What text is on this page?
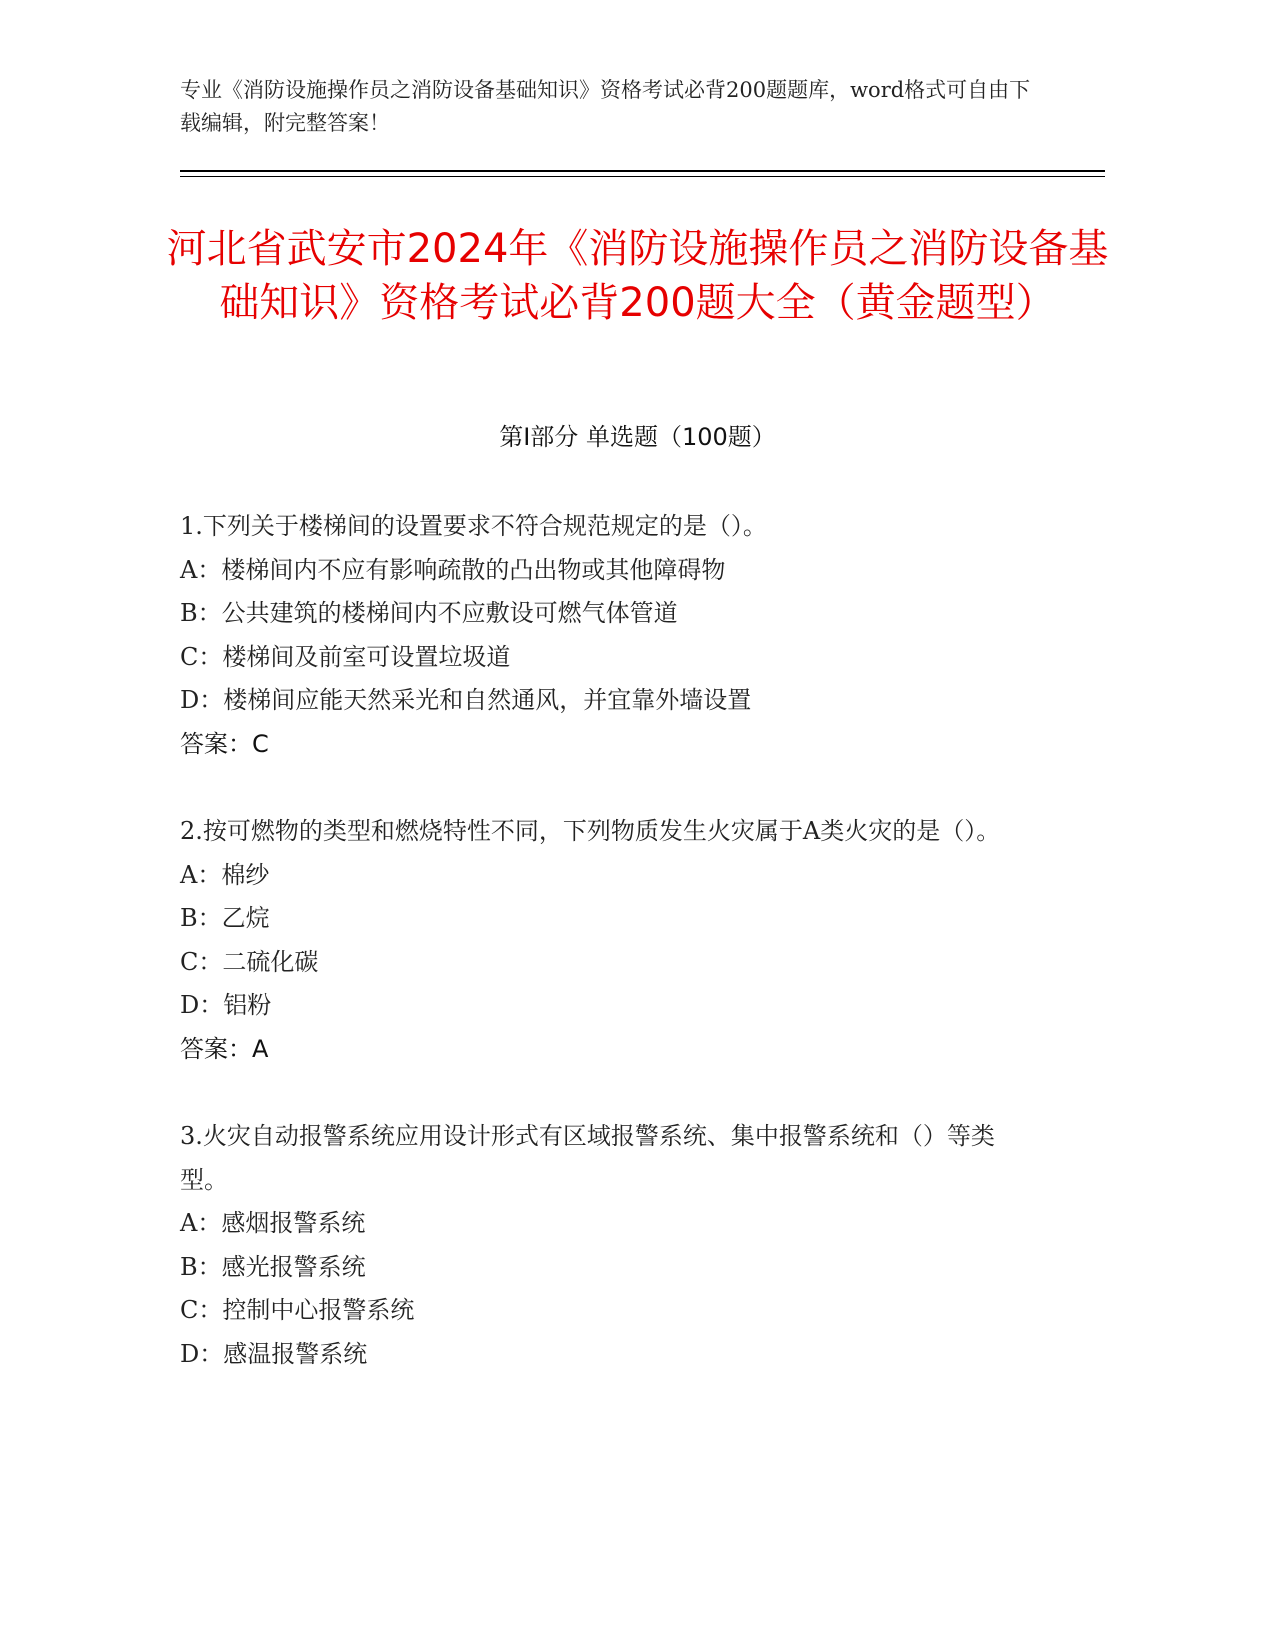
专业《消防设施操作员之消防设备基础知识》资格考试必背200题题库，word格式可自由下载编辑，附完整答案！
河北省武安市2024年《消防设施操作员之消防设备基础知识》资格考试必背200题大全（黄金题型）
第I部分 单选题（100题）
1.下列关于楼梯间的设置要求不符合规范规定的是（）。
A：楼梯间内不应有影响疏散的凸出物或其他障碍物
B：公共建筑的楼梯间内不应敷设可燃气体管道
C：楼梯间及前室可设置垃圾道
D：楼梯间应能天然采光和自然通风，并宜靠外墙设置
答案：C
2.按可燃物的类型和燃烧特性不同，下列物质发生火灾属于A类火灾的是（）。
A：棉纱
B：乙烷
C：二硫化碳
D：铝粉
答案：A
3.火灾自动报警系统应用设计形式有区域报警系统、集中报警系统和（）等类型。
A：感烟报警系统
B：感光报警系统
C：控制中心报警系统
D：感温报警系统
